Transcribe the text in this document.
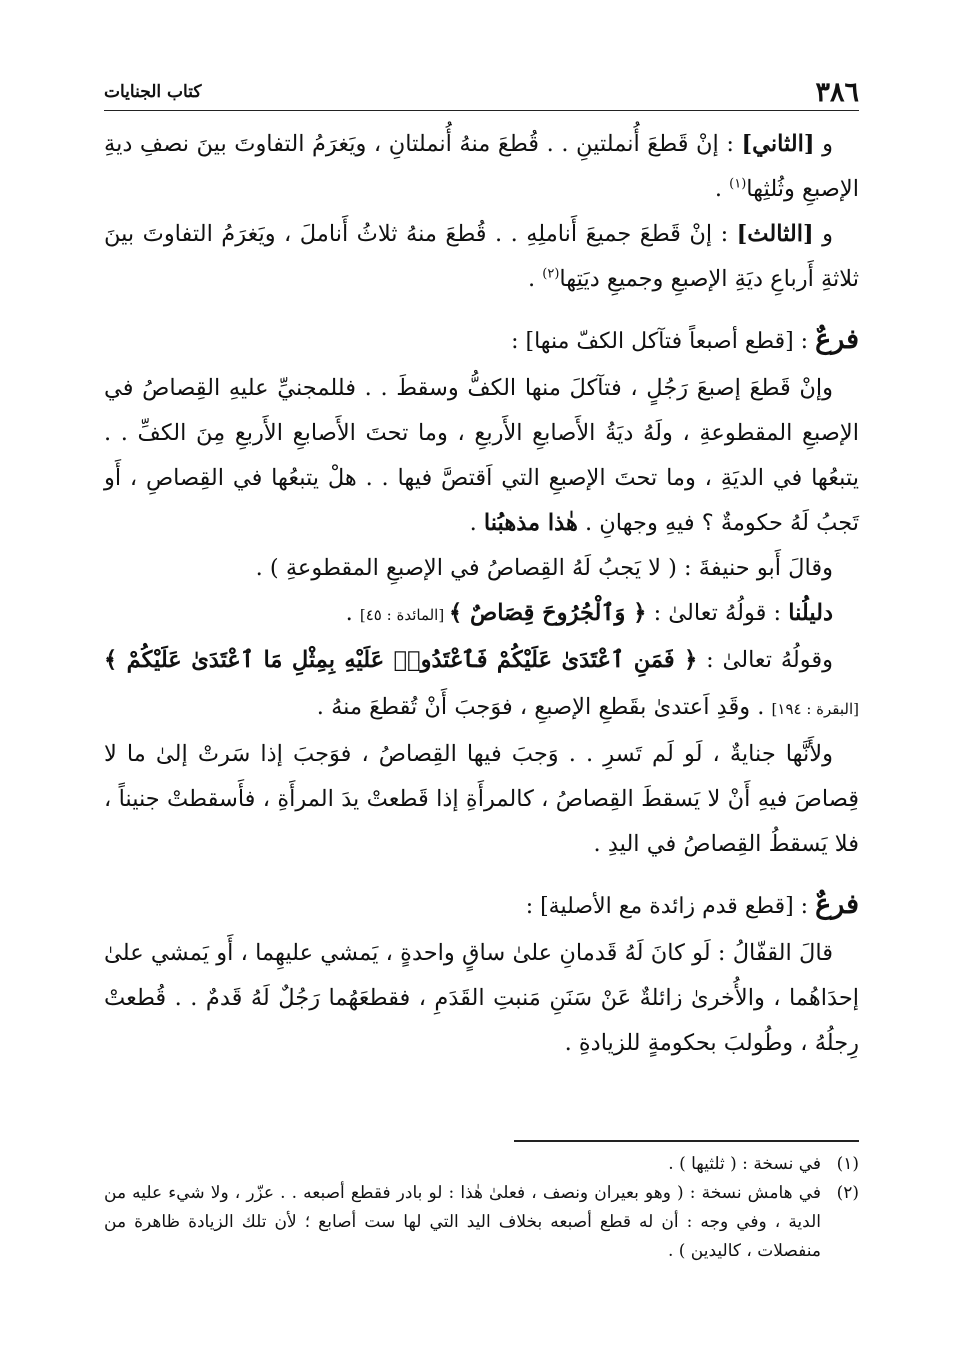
٣٨٦
كتاب الجنايات

و [الثاني] : إنْ قَطعَ أُنملتينِ . . قُطعَ منهُ أُنملتانِ ، ويَغرَمُ التفاوتَ بينَ نصفِ ديةِ الإصبعِ وثُلثِها$^{(١)}$ .

و [الثالث] : إنْ قَطعَ جميعَ أَناملِهِ . . قُطعَ منهُ ثلاثُ أَناملَ ، ويَغرَمُ التفاوتَ بينَ ثلاثةِ أَرباعِ ديَةِ الإصبعِ وجميعِ ديَتِها$^{(٢)}$ .

فرعٌ : [قطع أصبعاً فتآكل الكفّ منها] :

وإنْ قَطعَ إصبعَ رَجُلٍ ، فتآكلَ منها الكفُّ وسقطَ . . فللمجنيِّ عليهِ القِصاصُ في الإصبعِ المقطوعةِ ، ولَهُ ديَةُ الأَصابعِ الأَربعِ ، وما تحتَ الأَصابعِ الأَربعِ مِنَ الكفِّ . . يتبعُها في الديَةِ ، وما تحتَ الإصبعِ التي اَقتصَّ فيها . . هلْ يتبعُها في القِصاصِ ، أَو تَجبُ لَهُ حكومةٌ ؟ فيهِ وجهانِ . هٰذا مذهبُنا .

وقالَ أَبو حنيفةَ : ( لا يَجبُ لَهُ القِصاصُ في الإصبعِ المقطوعةِ ) .

دليلُنا : قولُهُ تعالىٰ : ﴿ وَٱلْجُرُوحَ قِصَاصٌ ﴾ [المائدة : ٤٥] .

وقولُهُ تعالىٰ : ﴿ فَمَنِ ٱعْتَدَىٰ عَلَيْكُمْ فَٱعْتَدُوا۟ عَلَيْهِ بِمِثْلِ مَا ٱعْتَدَىٰ عَلَيْكُمْ ﴾ [البقرة : ١٩٤] . وقَدِ اَعتدىٰ بقَطعِ الإصبعِ ، فوَجبَ أَنْ تُقطعَ منهُ .

ولأَنَّها جنايةٌ ، لَو لَم تَسرِ . . وَجبَ فيها القِصاصُ ، فوَجبَ إذا سَرتْ إلىٰ ما لا قِصاصَ فيهِ أَنْ لا يَسقطَ القِصاصُ ، كالمرأَةِ إذا قَطعتْ يدَ المرأَةِ ، فأَسقطتْ جنيناً ، فلا يَسقطُ القِصاصُ في اليدِ .

فرعٌ : [قطع قدم زائدة مع الأصلية] :

قالَ القفّالُ : لَو كانَ لَهُ قَدمانِ علىٰ ساقٍ واحدةٍ ، يَمشي عليهِما ، أَو يَمشي علىٰ إحدَاهُما ، والأُخرىٰ زائلةٌ عَنْ سَنَنِ مَنبتِ القَدَمِ ، فقطعَهُما رَجُلٌ لَهُ قَدمٌ . . قُطعتْ رِجلُهُ ، وطُولبَ بحكومةٍ للزيادةِ .

(١)
في نسخة : ( ثلثيها ) .
(٢)
في هامش نسخة : ( وهو بعيران ونصف ، فعلىٰ هٰذا : لو بادر فقطع أصبعه . . عزّر ، ولا شيء عليه من الدية ، وفي وجه : أن له قطع أصبعه بخلاف اليد التي لها ست أصابع ؛ لأن تلك الزيادة ظاهرة من منفصلات ، كاليدين ) .
